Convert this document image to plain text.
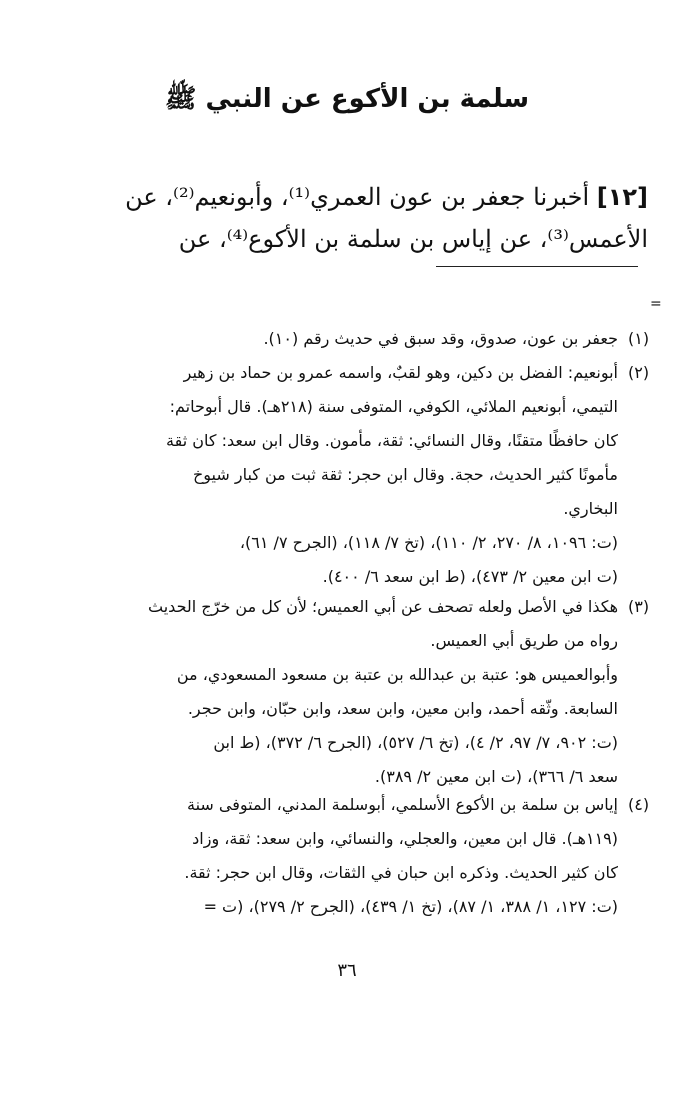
سلمة بن الأكوع عن النبي ﷺ
[١٢] أخبرنا جعفر بن عون العمري⁽¹⁾، وأبونعيم⁽²⁾، عن
الأعمس⁽³⁾، عن إياس بن سلمة بن الأكوع⁽⁴⁾، عن
=
(١)
جعفر بن عون، صدوق، وقد سبق في حديث رقم (١٠).
(٢)
أبونعيم: الفضل بن دكين، وهو لقبٌ، واسمه عمرو بن حماد بن زهير
التيمي، أبونعيم الملائي، الكوفي، المتوفى سنة (٢١٨هـ). قال أبوحاتم:
كان حافظًا متقنًا، وقال النسائي: ثقة، مأمون. وقال ابن سعد: كان ثقة
مأمونًا كثير الحديث، حجة. وقال ابن حجر: ثقة ثبت من كبار شيوخ
البخاري.
(ت: ١٠٩٦، ٨/ ٢٧٠، ٢/ ١١٠)، (تخ ٧/ ١١٨)، (الجرح ٧/ ٦١)،
(ت ابن معين ٢/ ٤٧٣)، (ط ابن سعد ٦/ ٤٠٠).
(٣)
هكذا في الأصل ولعله تصحف عن أبي العميس؛ لأن كل من خرّج الحديث
رواه من طريق أبي العميس.
وأبوالعميس هو: عتبة بن عبدالله بن عتبة بن مسعود المسعودي، من
السابعة. وثّقه أحمد، وابن معين، وابن سعد، وابن حبّان، وابن حجر.
(ت: ٩٠٢، ٧/ ٩٧، ٢/ ٤)، (تخ ٦/ ٥٢٧)، (الجرح ٦/ ٣٧٢)، (ط ابن
سعد ٦/ ٣٦٦)، (ت ابن معين ٢/ ٣٨٩).
(٤)
إياس بن سلمة بن الأكوع الأسلمي، أبوسلمة المدني، المتوفى سنة
(١١٩هـ). قال ابن معين، والعجلي، والنسائي، وابن سعد: ثقة، وزاد
كان كثير الحديث. وذكره ابن حبان في الثقات، وقال ابن حجر: ثقة.
(ت: ١٢٧، ١/ ٣٨٨، ١/ ٨٧)، (تخ ١/ ٤٣٩)، (الجرح ٢/ ٢٧٩)، (ت =
٣٦
